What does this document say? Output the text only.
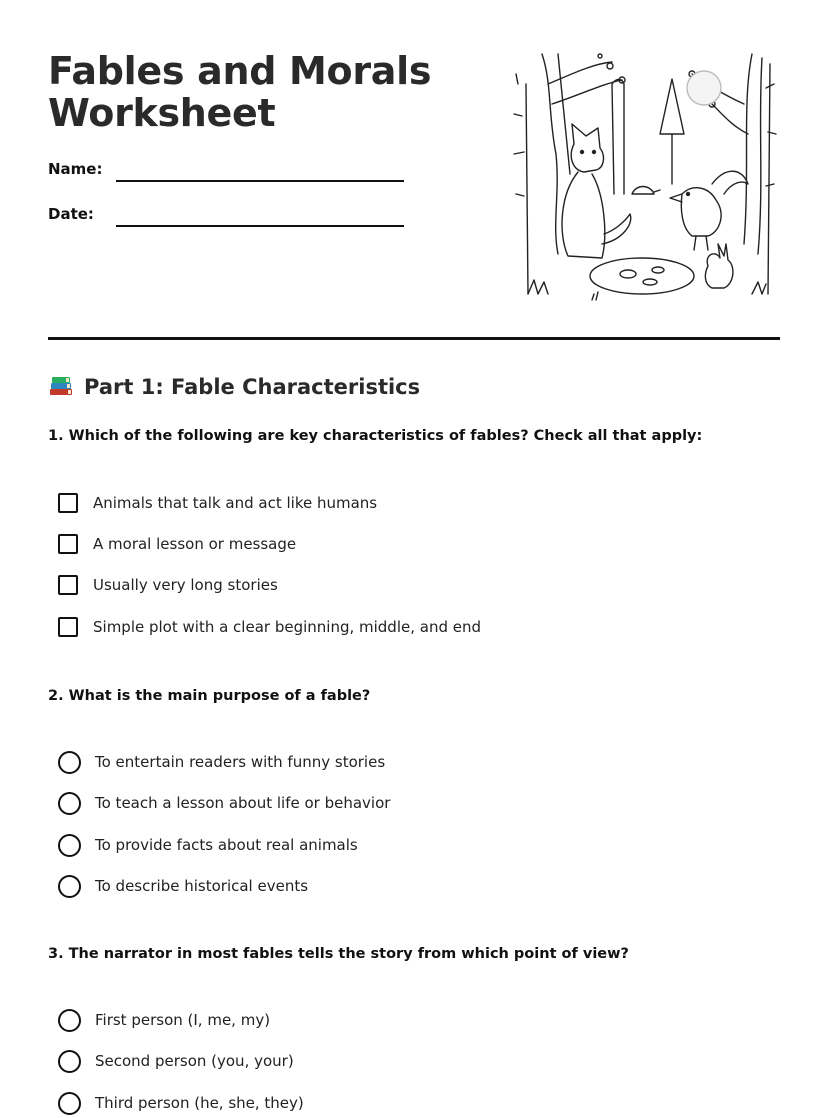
Fables and Morals
Worksheet
Name:
Date:
Part 1: Fable Characteristics

1. Which of the following are key characteristics of fables? Check all that apply:

Animals that talk and act like humans
A moral lesson or message
Usually very long stories
Simple plot with a clear beginning, middle, and end

2. What is the main purpose of a fable?

To entertain readers with funny stories
To teach a lesson about life or behavior
To provide facts about real animals
To describe historical events

3. The narrator in most fables tells the story from which point of view?

First person (I, me, my)
Second person (you, your)
Third person (he, she, they)
